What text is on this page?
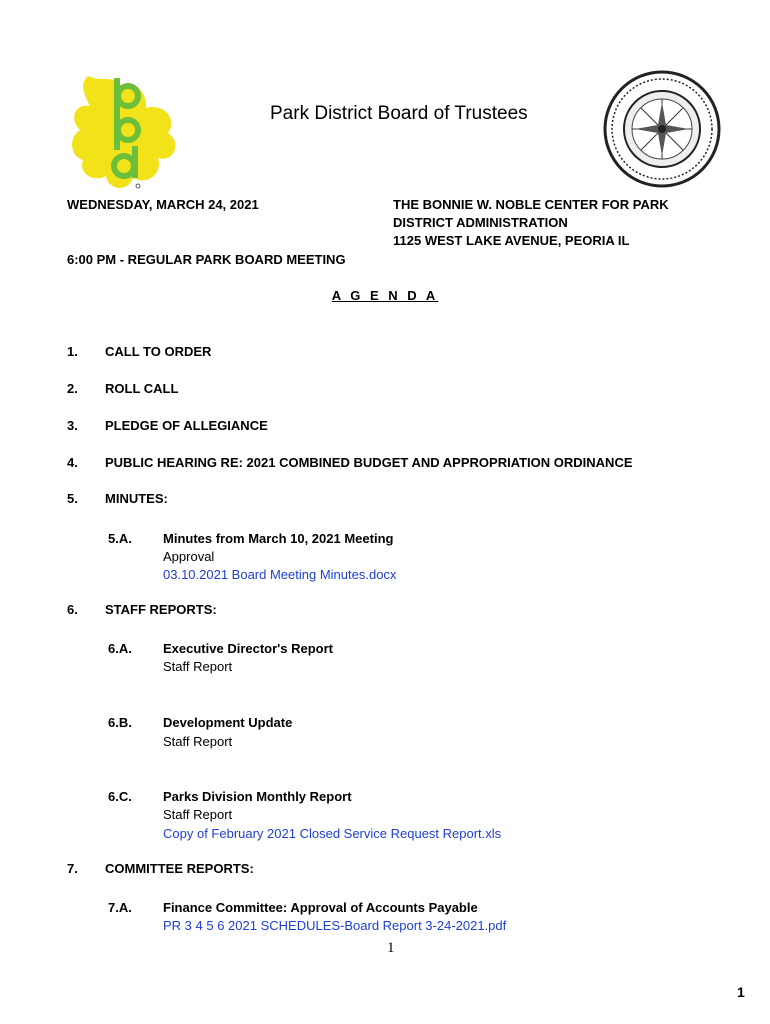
Park District Board of Trustees
WEDNESDAY, MARCH 24, 2021	THE BONNIE W. NOBLE CENTER FOR PARK
DISTRICT ADMINISTRATION
1125 WEST LAKE AVENUE, PEORIA IL
6:00 PM - REGULAR PARK BOARD MEETING
A G E N D A
1. CALL TO ORDER
2. ROLL CALL
3. PLEDGE OF ALLEGIANCE
4. PUBLIC HEARING RE: 2021 COMBINED BUDGET AND APPROPRIATION ORDINANCE
5. MINUTES:
5.A. Minutes from March 10, 2021 Meeting
Approval
03.10.2021 Board Meeting Minutes.docx
6. STAFF REPORTS:
6.A. Executive Director's Report
Staff Report
6.B. Development Update
Staff Report
6.C. Parks Division Monthly Report
Staff Report
Copy of February 2021 Closed Service Request Report.xls
7. COMMITTEE REPORTS:
7.A. Finance Committee: Approval of Accounts Payable
PR 3 4 5 6 2021 SCHEDULES-Board Report 3-24-2021.pdf
1
1
